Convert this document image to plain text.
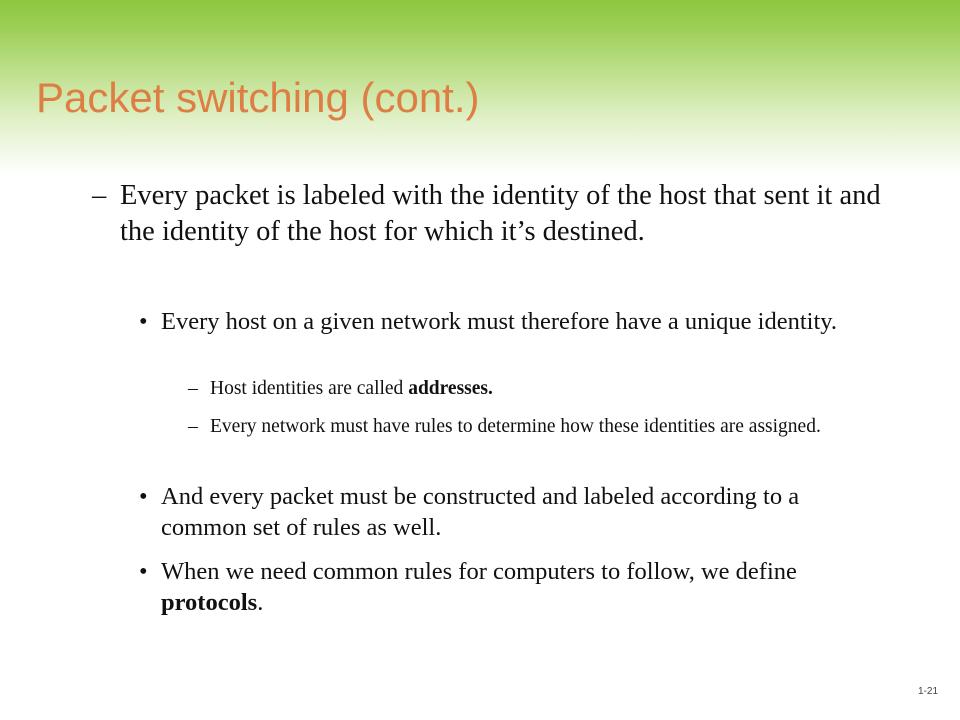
Packet switching (cont.)
– Every packet is labeled with the identity of the host that sent it and the identity of the host for which it’s destined.
• Every host on a given network must therefore have a unique identity.
– Host identities are called addresses.
– Every network must have rules to determine how these identities are assigned.
• And every packet must be constructed and labeled according to a common set of rules as well.
• When we need common rules for computers to follow, we define protocols.
1-21
